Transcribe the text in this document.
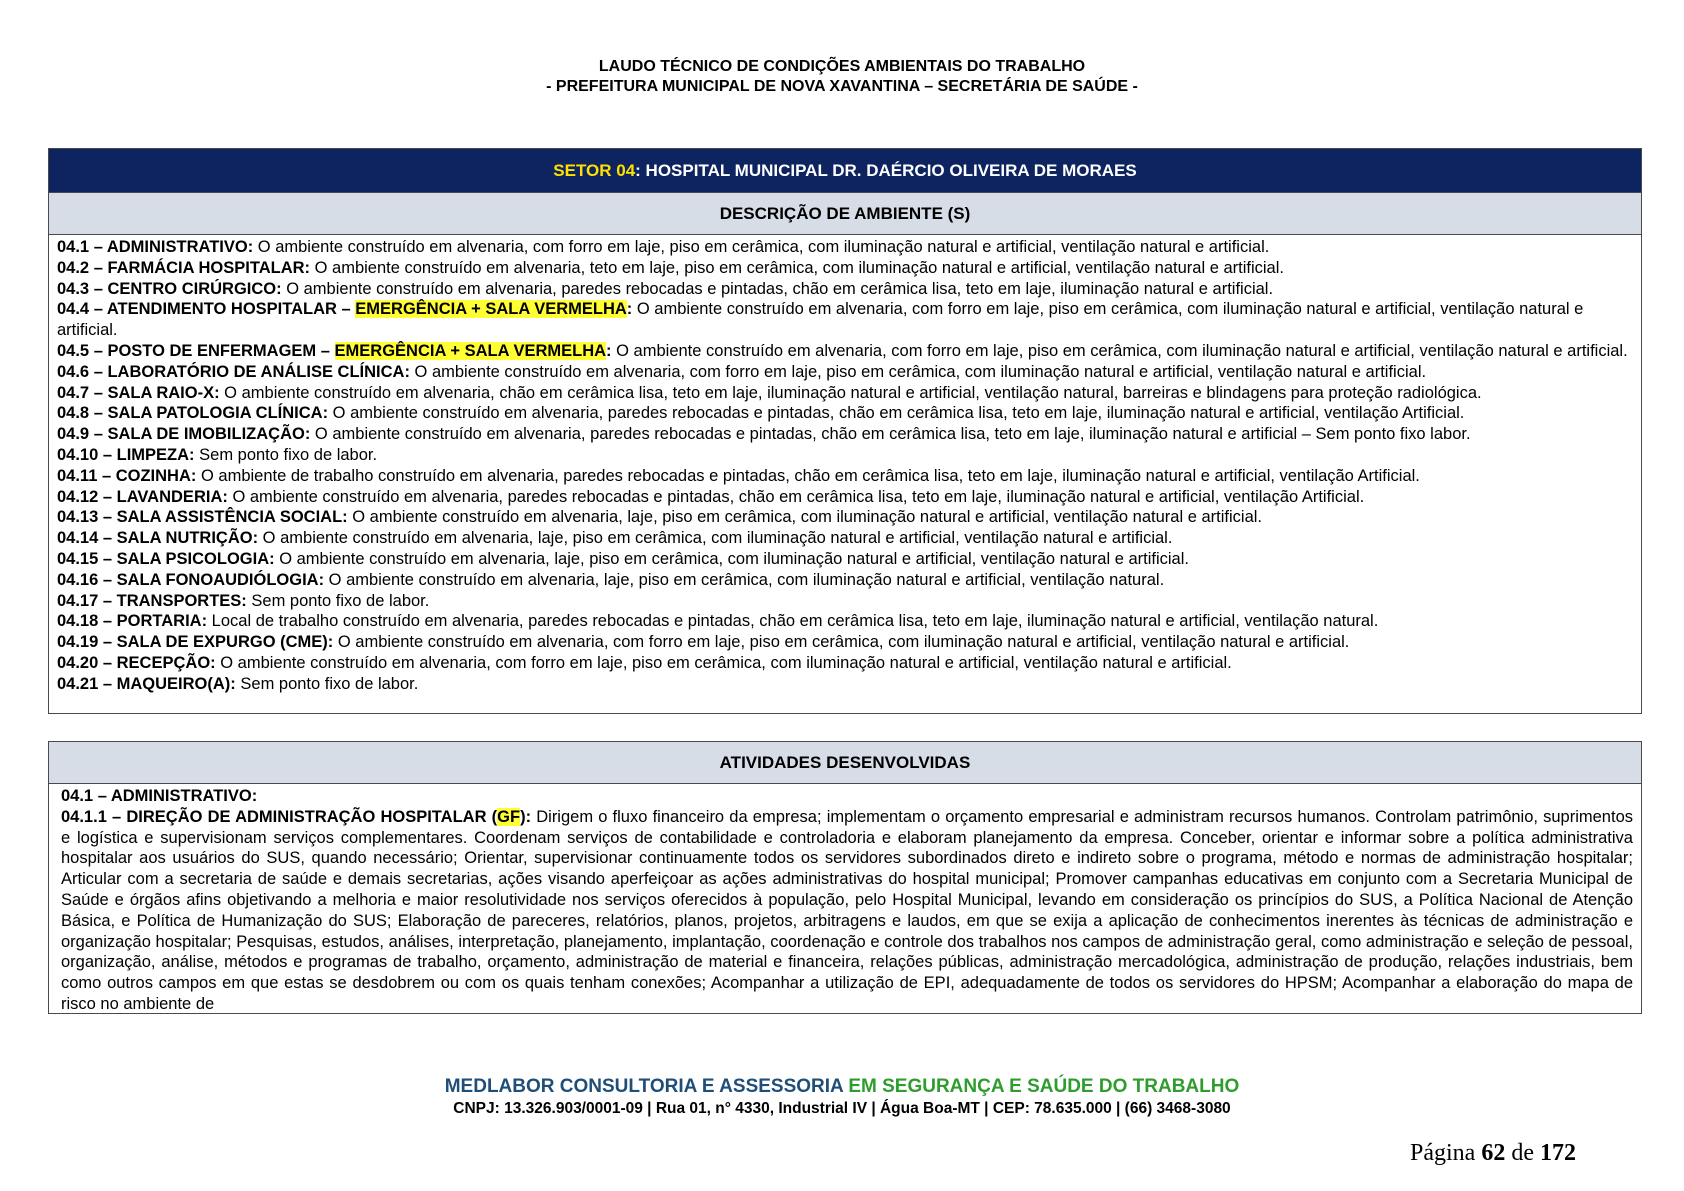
LAUDO TÉCNICO DE CONDIÇÕES AMBIENTAIS DO TRABALHO
- PREFEITURA MUNICIPAL DE NOVA XAVANTINA – SECRETÁRIA DE SAÚDE -
SETOR 04: HOSPITAL MUNICIPAL DR. DAÉRCIO OLIVEIRA DE MORAES
DESCRIÇÃO DE AMBIENTE (S)
04.1 – ADMINISTRATIVO: O ambiente construído em alvenaria, com forro em laje, piso em cerâmica, com iluminação natural e artificial, ventilação natural e artificial.
04.2 – FARMÁCIA HOSPITALAR: O ambiente construído em alvenaria, teto em laje, piso em cerâmica, com iluminação natural e artificial, ventilação natural e artificial.
04.3 – CENTRO CIRÚRGICO: O ambiente construído em alvenaria, paredes rebocadas e pintadas, chão em cerâmica lisa, teto em laje, iluminação natural e artificial.
04.4 – ATENDIMENTO HOSPITALAR – EMERGÊNCIA + SALA VERMELHA: O ambiente construído em alvenaria, com forro em laje, piso em cerâmica, com iluminação natural e artificial, ventilação natural e artificial.
04.5 – POSTO DE ENFERMAGEM – EMERGÊNCIA + SALA VERMELHA: O ambiente construído em alvenaria, com forro em laje, piso em cerâmica, com iluminação natural e artificial, ventilação natural e artificial.
04.6 – LABORATÓRIO DE ANÁLISE CLÍNICA: O ambiente construído em alvenaria, com forro em laje, piso em cerâmica, com iluminação natural e artificial, ventilação natural e artificial.
04.7 – SALA RAIO-X: O ambiente construído em alvenaria, chão em cerâmica lisa, teto em laje, iluminação natural e artificial, ventilação natural, barreiras e blindagens para proteção radiológica.
04.8 – SALA PATOLOGIA CLÍNICA: O ambiente construído em alvenaria, paredes rebocadas e pintadas, chão em cerâmica lisa, teto em laje, iluminação natural e artificial, ventilação Artificial.
04.9 – SALA DE IMOBILIZAÇÃO: O ambiente construído em alvenaria, paredes rebocadas e pintadas, chão em cerâmica lisa, teto em laje, iluminação natural e artificial – Sem ponto fixo labor.
04.10 – LIMPEZA: Sem ponto fixo de labor.
04.11 – COZINHA: O ambiente de trabalho construído em alvenaria, paredes rebocadas e pintadas, chão em cerâmica lisa, teto em laje, iluminação natural e artificial, ventilação Artificial.
04.12 – LAVANDERIA: O ambiente construído em alvenaria, paredes rebocadas e pintadas, chão em cerâmica lisa, teto em laje, iluminação natural e artificial, ventilação Artificial.
04.13 – SALA ASSISTÊNCIA SOCIAL: O ambiente construído em alvenaria, laje, piso em cerâmica, com iluminação natural e artificial, ventilação natural e artificial.
04.14 – SALA NUTRIÇÃO: O ambiente construído em alvenaria, laje, piso em cerâmica, com iluminação natural e artificial, ventilação natural e artificial.
04.15 – SALA PSICOLOGIA: O ambiente construído em alvenaria, laje, piso em cerâmica, com iluminação natural e artificial, ventilação natural e artificial.
04.16 – SALA FONOAUDIÓLOGIA: O ambiente construído em alvenaria, laje, piso em cerâmica, com iluminação natural e artificial, ventilação natural.
04.17 – TRANSPORTES: Sem ponto fixo de labor.
04.18 – PORTARIA: Local de trabalho construído em alvenaria, paredes rebocadas e pintadas, chão em cerâmica lisa, teto em laje, iluminação natural e artificial, ventilação natural.
04.19 – SALA DE EXPURGO (CME): O ambiente construído em alvenaria, com forro em laje, piso em cerâmica, com iluminação natural e artificial, ventilação natural e artificial.
04.20 – RECEPÇÃO: O ambiente construído em alvenaria, com forro em laje, piso em cerâmica, com iluminação natural e artificial, ventilação natural e artificial.
04.21 – MAQUEIRO(A): Sem ponto fixo de labor.
ATIVIDADES DESENVOLVIDAS
04.1 – ADMINISTRATIVO:
04.1.1 – DIREÇÃO DE ADMINISTRAÇÃO HOSPITALAR (GF): Dirigem o fluxo financeiro da empresa; implementam o orçamento empresarial e administram recursos humanos. Controlam patrimônio, suprimentos e logística e supervisionam serviços complementares. Coordenam serviços de contabilidade e controladoria e elaboram planejamento da empresa. Conceber, orientar e informar sobre a política administrativa hospitalar aos usuários do SUS, quando necessário; Orientar, supervisionar continuamente todos os servidores subordinados direto e indireto sobre o programa, método e normas de administração hospitalar; Articular com a secretaria de saúde e demais secretarias, ações visando aperfeiçoar as ações administrativas do hospital municipal; Promover campanhas educativas em conjunto com a Secretaria Municipal de Saúde e órgãos afins objetivando a melhoria e maior resolutividade nos serviços oferecidos à população, pelo Hospital Municipal, levando em consideração os princípios do SUS, a Política Nacional de Atenção Básica, e Política de Humanização do SUS; Elaboração de pareceres, relatórios, planos, projetos, arbitragens e laudos, em que se exija a aplicação de conhecimentos inerentes às técnicas de administração e organização hospitalar; Pesquisas, estudos, análises, interpretação, planejamento, implantação, coordenação e controle dos trabalhos nos campos de administração geral, como administração e seleção de pessoal, organização, análise, métodos e programas de trabalho, orçamento, administração de material e financeira, relações públicas, administração mercadológica, administração de produção, relações industriais, bem como outros campos em que estas se desdobrem ou com os quais tenham conexões; Acompanhar a utilização de EPI, adequadamente de todos os servidores do HPSM; Acompanhar a elaboração do mapa de risco no ambiente de
MEDLABOR CONSULTORIA E ASSESSORIA EM SEGURANÇA E SAÚDE DO TRABALHO
CNPJ: 13.326.903/0001-09 | Rua 01, n° 4330, Industrial IV | Água Boa-MT | CEP: 78.635.000 | (66) 3468-3080
Página 62 de 172
